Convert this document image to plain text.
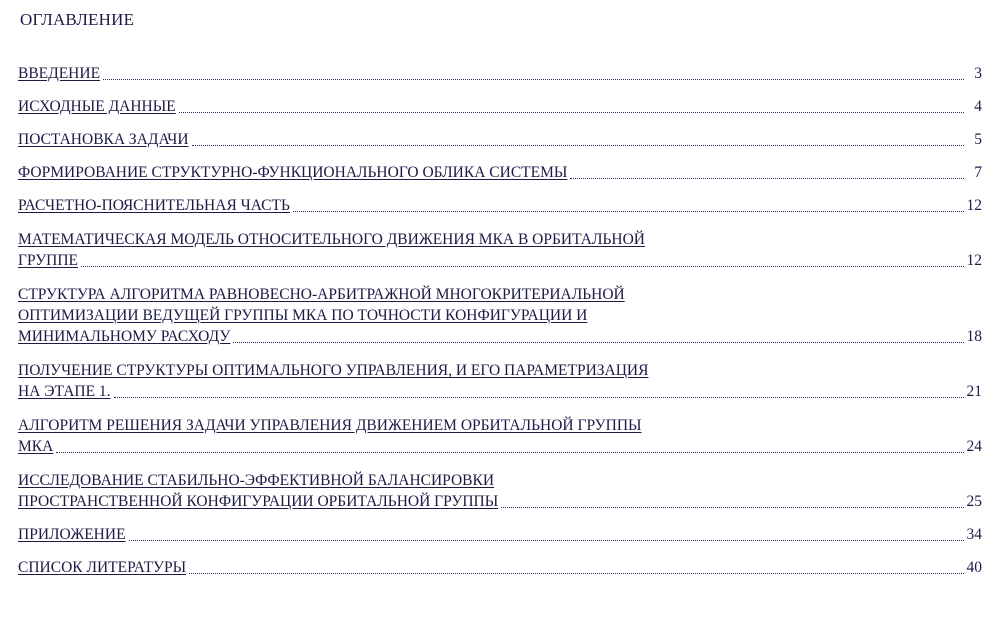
ОГЛАВЛЕНИЕ
ВВЕДЕНИЕ	3
ИСХОДНЫЕ ДАННЫЕ	4
ПОСТАНОВКА ЗАДАЧИ	5
ФОРМИРОВАНИЕ СТРУКТУРНО-ФУНКЦИОНАЛЬНОГО ОБЛИКА СИСТЕМЫ	7
РАСЧЕТНО-ПОЯСНИТЕЛЬНАЯ ЧАСТЬ	12
МАТЕМАТИЧЕСКАЯ МОДЕЛЬ ОТНОСИТЕЛЬНОГО ДВИЖЕНИЯ МКА В ОРБИТАЛЬНОЙ
ГРУППЕ	12
СТРУКТУРА АЛГОРИТМА РАВНОВЕСНО-АРБИТРАЖНОЙ МНОГОКРИТЕРИАЛЬНОЙ
ОПТИМИЗАЦИИ ВЕДУЩЕЙ ГРУППЫ МКА ПО ТОЧНОСТИ КОНФИГУРАЦИИ И
МИНИМАЛЬНОМУ РАСХОДУ	18
ПОЛУЧЕНИЕ СТРУКТУРЫ ОПТИМАЛЬНОГО УПРАВЛЕНИЯ, И ЕГО ПАРАМЕТРИЗАЦИЯ
НА ЭТАПЕ 1.	21
АЛГОРИТМ РЕШЕНИЯ ЗАДАЧИ УПРАВЛЕНИЯ ДВИЖЕНИЕМ ОРБИТАЛЬНОЙ ГРУППЫ
МКА	24
ИССЛЕДОВАНИЕ СТАБИЛЬНО-ЭФФЕКТИВНОЙ БАЛАНСИРОВКИ
ПРОСТРАНСТВЕННОЙ КОНФИГУРАЦИИ ОРБИТАЛЬНОЙ ГРУППЫ	25
ПРИЛОЖЕНИЕ	34
СПИСОК ЛИТЕРАТУРЫ	40
